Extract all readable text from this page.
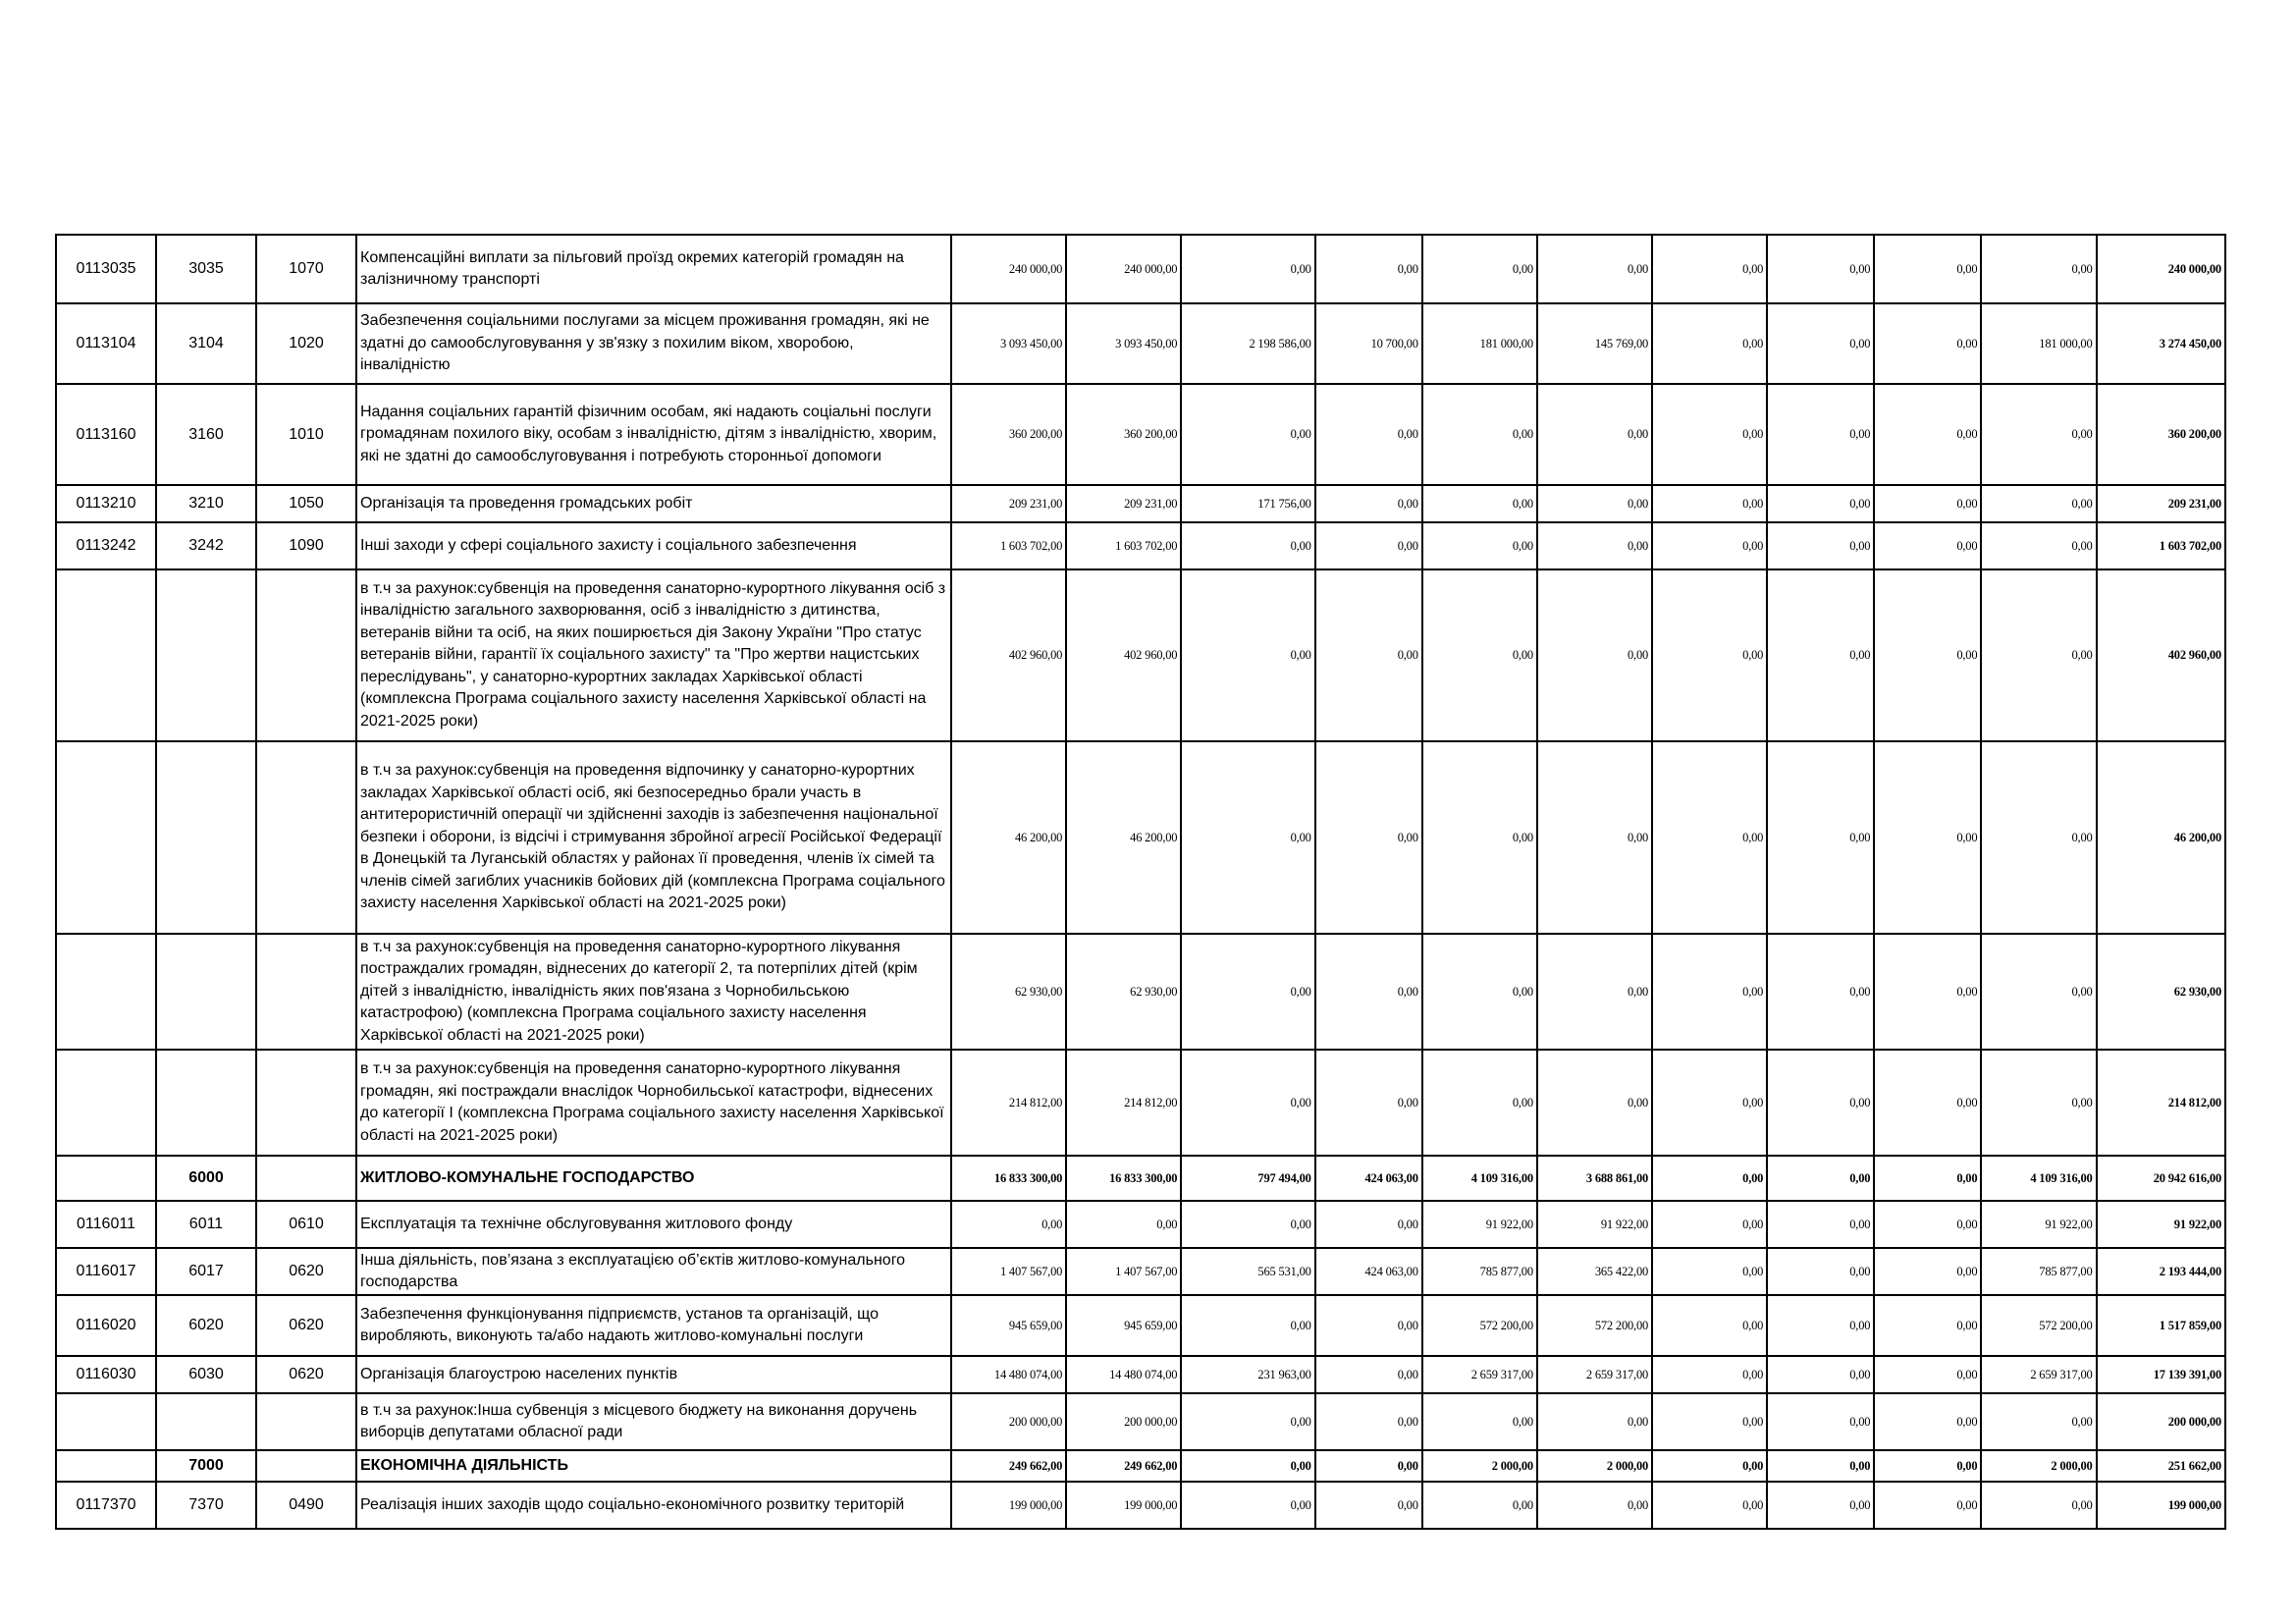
0113035	3035	1070	Компенсаційні виплати за пільговий проїзд окремих категорій громадян на залізничному транспорті	240 000,00	240 000,00	0,00	0,00	0,00	0,00	0,00	0,00	0,00	0,00	240 000,00
0113104	3104	1020	Забезпечення соціальними послугами за місцем проживання громадян, які не здатні до самообслуговування у зв'язку з похилим віком, хворобою, інвалідністю	3 093 450,00	3 093 450,00	2 198 586,00	10 700,00	181 000,00	145 769,00	0,00	0,00	0,00	181 000,00	3 274 450,00
0113160	3160	1010	Надання соціальних гарантій фізичним особам, які надають соціальні послуги громадянам похилого віку, особам з інвалідністю, дітям з інвалідністю, хворим, які не здатні до самообслуговування і потребують сторонньої допомоги	360 200,00	360 200,00	0,00	0,00	0,00	0,00	0,00	0,00	0,00	0,00	360 200,00
0113210	3210	1050	Організація та проведення громадських робіт	209 231,00	209 231,00	171 756,00	0,00	0,00	0,00	0,00	0,00	0,00	0,00	209 231,00
0113242	3242	1090	Інші заходи у сфері соціального захисту і соціального забезпечення	1 603 702,00	1 603 702,00	0,00	0,00	0,00	0,00	0,00	0,00	0,00	0,00	1 603 702,00
			в т.ч за рахунок:субвенція на проведення санаторно-курортного лікування осіб з інвалідністю загального захворювання, осіб з інвалідністю з дитинства, ветеранів війни та осіб, на яких поширюється дія Закону України "Про статус ветеранів війни, гарантії їх соціального захисту" та "Про жертви нацистських переслідувань", у санаторно-курортних закладах Харківської області (комплексна Програма соціального захисту населення Харківської області на 2021-2025 роки)	402 960,00	402 960,00	0,00	0,00	0,00	0,00	0,00	0,00	0,00	0,00	402 960,00
			в т.ч за рахунок:субвенція на проведення відпочинку у санаторно-курортних закладах Харківської області осіб, які безпосередньо брали участь в антитерористичній операції чи здійсненні заходів із забезпечення національної безпеки і оборони, із відсічі і стримування збройної агресії Російської Федерації в Донецькій та Луганській областях у районах її проведення, членів їх сімей та членів сімей загиблих учасників бойових дій (комплексна Програма соціального захисту населення Харківської області на 2021-2025 роки)	46 200,00	46 200,00	0,00	0,00	0,00	0,00	0,00	0,00	0,00	0,00	46 200,00
			в т.ч за рахунок:субвенція на проведення санаторно-курортного лікування постраждалих громадян, віднесених до категорії 2, та потерпілих дітей (крім дітей з інвалідністю, інвалідність яких пов'язана з Чорнобильською катастрофою) (комплексна Програма соціального захисту населення Харківської області на 2021-2025 роки)	62 930,00	62 930,00	0,00	0,00	0,00	0,00	0,00	0,00	0,00	0,00	62 930,00
			в т.ч за рахунок:субвенція на проведення санаторно-курортного лікування громадян, які постраждали внаслідок Чорнобильської катастрофи, віднесених до категорії І (комплексна Програма соціального захисту населення Харківської області на 2021-2025 роки)	214 812,00	214 812,00	0,00	0,00	0,00	0,00	0,00	0,00	0,00	0,00	214 812,00
	6000		ЖИТЛОВО-КОМУНАЛЬНЕ ГОСПОДАРСТВО	16 833 300,00	16 833 300,00	797 494,00	424 063,00	4 109 316,00	3 688 861,00	0,00	0,00	0,00	4 109 316,00	20 942 616,00
0116011	6011	0610	Експлуатація та технічне обслуговування житлового фонду	0,00	0,00	0,00	0,00	91 922,00	91 922,00	0,00	0,00	0,00	91 922,00	91 922,00
0116017	6017	0620	Інша діяльність, пов’язана з експлуатацією об’єктів житлово-комунального господарства	1 407 567,00	1 407 567,00	565 531,00	424 063,00	785 877,00	365 422,00	0,00	0,00	0,00	785 877,00	2 193 444,00
0116020	6020	0620	Забезпечення функціонування підприємств, установ та організацій, що виробляють, виконують та/або надають житлово-комунальні послуги	945 659,00	945 659,00	0,00	0,00	572 200,00	572 200,00	0,00	0,00	0,00	572 200,00	1 517 859,00
0116030	6030	0620	Організація благоустрою населених пунктів	14 480 074,00	14 480 074,00	231 963,00	0,00	2 659 317,00	2 659 317,00	0,00	0,00	0,00	2 659 317,00	17 139 391,00
			в т.ч за рахунок:Інша субвенція з місцевого бюджету на виконання доручень виборців депутатами обласної ради	200 000,00	200 000,00	0,00	0,00	0,00	0,00	0,00	0,00	0,00	0,00	200 000,00
	7000		ЕКОНОМІЧНА ДІЯЛЬНІСТЬ	249 662,00	249 662,00	0,00	0,00	2 000,00	2 000,00	0,00	0,00	0,00	2 000,00	251 662,00
0117370	7370	0490	Реалізація інших заходів щодо соціально-економічного розвитку територій	199 000,00	199 000,00	0,00	0,00	0,00	0,00	0,00	0,00	0,00	0,00	199 000,00
